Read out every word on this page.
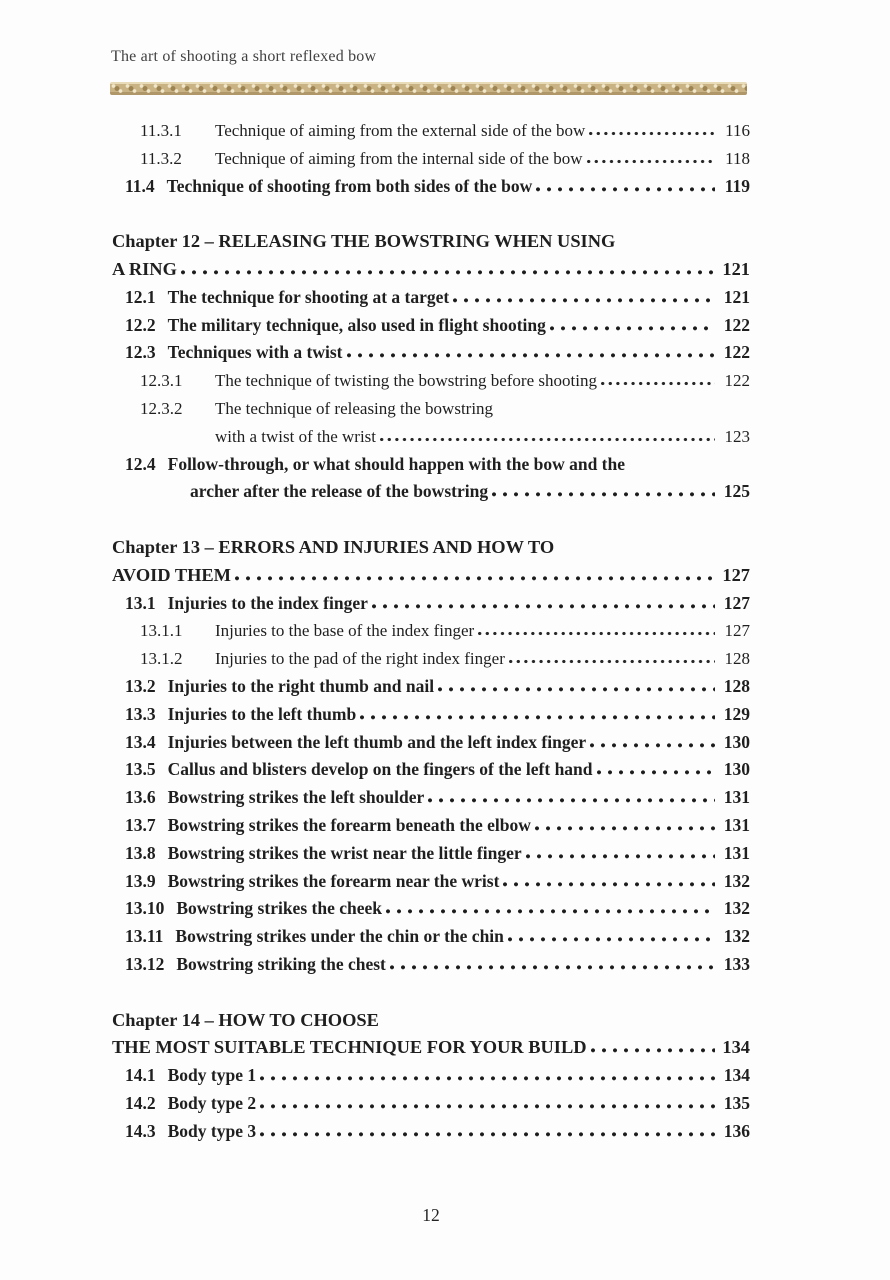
The art of shooting a short reflexed bow
11.3.1	Technique of aiming from the external side of the bow	116
11.3.2	Technique of aiming from the internal side of the bow	118
11.4 Technique of shooting from both sides of the bow	119
Chapter 12 – RELEASING THE BOWSTRING WHEN USING
A RING	121
12.1 The technique for shooting at a target	121
12.2 The military technique, also used in flight shooting	122
12.3 Techniques with a twist	122
12.3.1	The technique of twisting the bowstring before shooting	122
12.3.2	The technique of releasing the bowstring
with a twist of the wrist	123
12.4 Follow-through, or what should happen with the bow and the
archer after the release of the bowstring	125
Chapter 13 – ERRORS AND INJURIES AND HOW TO
AVOID THEM	127
13.1 Injuries to the index finger	127
13.1.1	Injuries to the base of the index finger	127
13.1.2	Injuries to the pad of the right index finger	128
13.2 Injuries to the right thumb and nail	128
13.3 Injuries to the left thumb	129
13.4 Injuries between the left thumb and the left index finger	130
13.5 Callus and blisters develop on the fingers of the left hand	130
13.6 Bowstring strikes the left shoulder	131
13.7 Bowstring strikes the forearm beneath the elbow	131
13.8 Bowstring strikes the wrist near the little finger	131
13.9 Bowstring strikes the forearm near the wrist	132
13.10 Bowstring strikes the cheek	132
13.11 Bowstring strikes under the chin or the chin	132
13.12 Bowstring striking the chest	133
Chapter 14 – HOW TO CHOOSE
THE MOST SUITABLE TECHNIQUE FOR YOUR BUILD	134
14.1 Body type 1	134
14.2 Body type 2	135
14.3 Body type 3	136
12
